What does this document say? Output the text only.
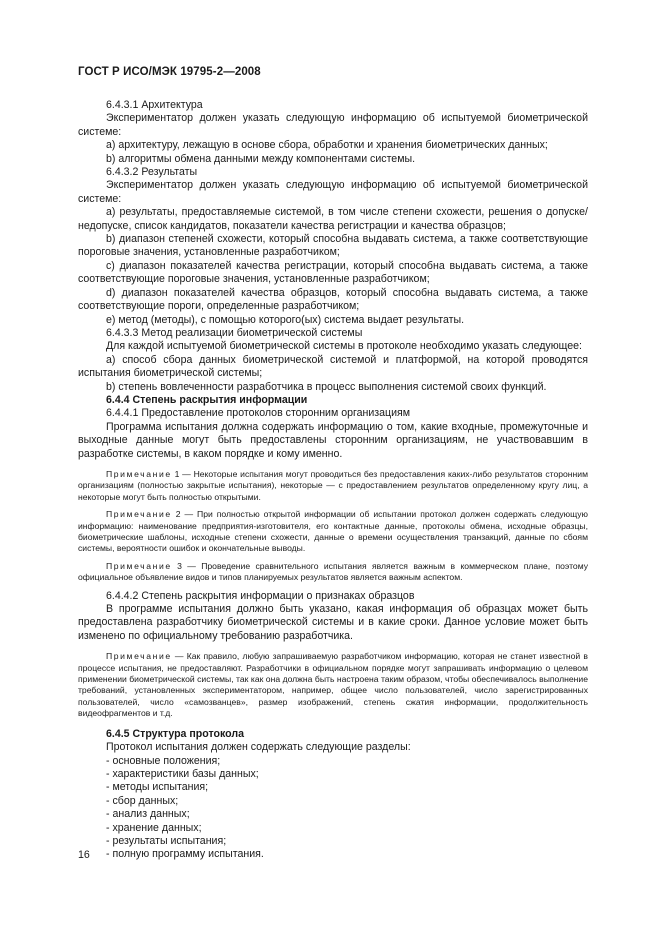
ГОСТ Р ИСО/МЭК 19795-2—2008

6.4.3.1 Архитектура

Экспериментатор должен указать следующую информацию об испытуемой биометрической системе:

a) архитектуру, лежащую в основе сбора, обработки и хранения биометрических данных;

b) алгоритмы обмена данными между компонентами системы.

6.4.3.2 Результаты

Экспериментатор должен указать следующую информацию об испытуемой биометрической системе:

a) результаты, предоставляемые системой, в том числе степени схожести, решения о допуске/недопуске, список кандидатов, показатели качества регистрации и качества образцов;

b) диапазон степеней схожести, который способна выдавать система, а также соответствующие пороговые значения, установленные разработчиком;

c) диапазон показателей качества регистрации, который способна выдавать система, а также соответствующие пороговые значения, установленные разработчиком;

d) диапазон показателей качества образцов, который способна выдавать система, а также соответствующие пороги, определенные разработчиком;

e) метод (методы), с помощью которого(ых) система выдает результаты.

6.4.3.3 Метод реализации биометрической системы

Для каждой испытуемой биометрической системы в протоколе необходимо указать следующее:

a) способ сбора данных биометрической системой и платформой, на которой проводятся испытания биометрической системы;

b) степень вовлеченности разработчика в процесс выполнения системой своих функций.

6.4.4 Степень раскрытия информации

6.4.4.1 Предоставление протоколов сторонним организациям

Программа испытания должна содержать информацию о том, какие входные, промежуточные и выходные данные могут быть предоставлены сторонним организациям, не участвовавшим в разработке системы, в каком порядке и кому именно.

Примечание 1 — Некоторые испытания могут проводиться без предоставления каких-либо результатов сторонним организациям (полностью закрытые испытания), некоторые — с предоставлением результатов определенному кругу лиц, а некоторые могут быть полностью открытыми.

Примечание 2 — При полностью открытой информации об испытании протокол должен содержать следующую информацию: наименование предприятия-изготовителя, его контактные данные, протоколы обмена, исходные образцы, биометрические шаблоны, исходные степени схожести, данные о времени осуществления транзакций, данные по сбоям системы, вероятности ошибок и окончательные выводы.

Примечание 3 — Проведение сравнительного испытания является важным в коммерческом плане, поэтому официальное объявление видов и типов планируемых результатов является важным аспектом.

6.4.4.2 Степень раскрытия информации о признаках образцов

В программе испытания должно быть указано, какая информация об образцах может быть предоставлена разработчику биометрической системы и в какие сроки. Данное условие может быть изменено по официальному требованию разработчика.

Примечание — Как правило, любую запрашиваемую разработчиком информацию, которая не станет известной в процессе испытания, не предоставляют. Разработчики в официальном порядке могут запрашивать информацию о целевом применении биометрической системы, так как она должна быть настроена таким образом, чтобы обеспечивалось выполнение требований, установленных экспериментатором, например, общее число пользователей, число зарегистрированных пользователей, число «самозванцев», размер изображений, степень сжатия информации, продолжительность видеофрагментов и т.д.

6.4.5 Структура протокола

Протокол испытания должен содержать следующие разделы:

- основные положения;

- характеристики базы данных;

- методы испытания;

- сбор данных;

- анализ данных;

- хранение данных;

- результаты испытания;

- полную программу испытания.

16
